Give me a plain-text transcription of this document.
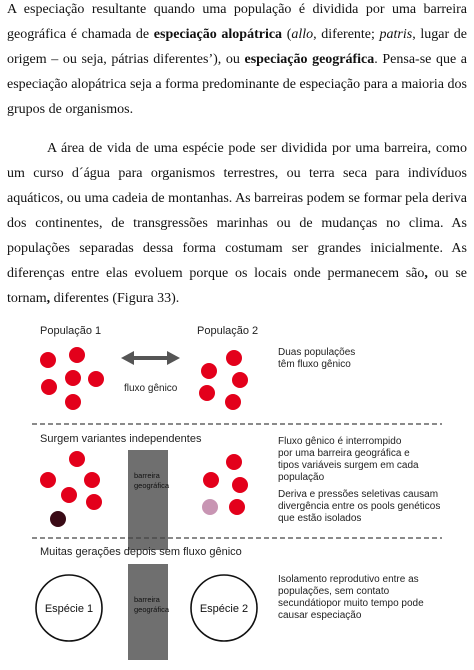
A especiação resultante quando uma população é dividida por uma barreira geográfica é chamada de especiação alopátrica (allo, diferente; patris, lugar de origem – ou seja, pátrias diferentes’), ou especiação geográfica. Pensa-se que a especiação alopátrica seja a forma predominante de especiação para a maioria dos grupos de organismos.
A área de vida de uma espécie pode ser dividida por uma barreira, como um curso d´água para organismos terrestres, ou terra seca para indivíduos aquáticos, ou uma cadeia de montanhas. As barreiras podem se formar pela deriva dos continentes, de transgressões marinhas ou de mudanças no clima. As populações separadas dessa forma costumam ser grandes inicialmente. As diferenças entre elas evoluem porque os locais onde permanecem são, ou se tornam, diferentes (Figura 33).
População 1	População 2
fluxo gênico
Duas populações têm fluxo gênico
Surgem variantes independentes
barreira geográfica
Fluxo gênico é interrompido por uma barreira geográfica e tipos variáveis surgem em cada população
Deriva e pressões seletivas causam divergência entre os pools genéticos que estão isolados
Muitas gerações depois sem fluxo gênico
barreira geográfica
Espécie 1	Espécie 2
Isolamento reprodutivo entre as populações, sem contato secundátiopor muito tempo pode causar especiação
